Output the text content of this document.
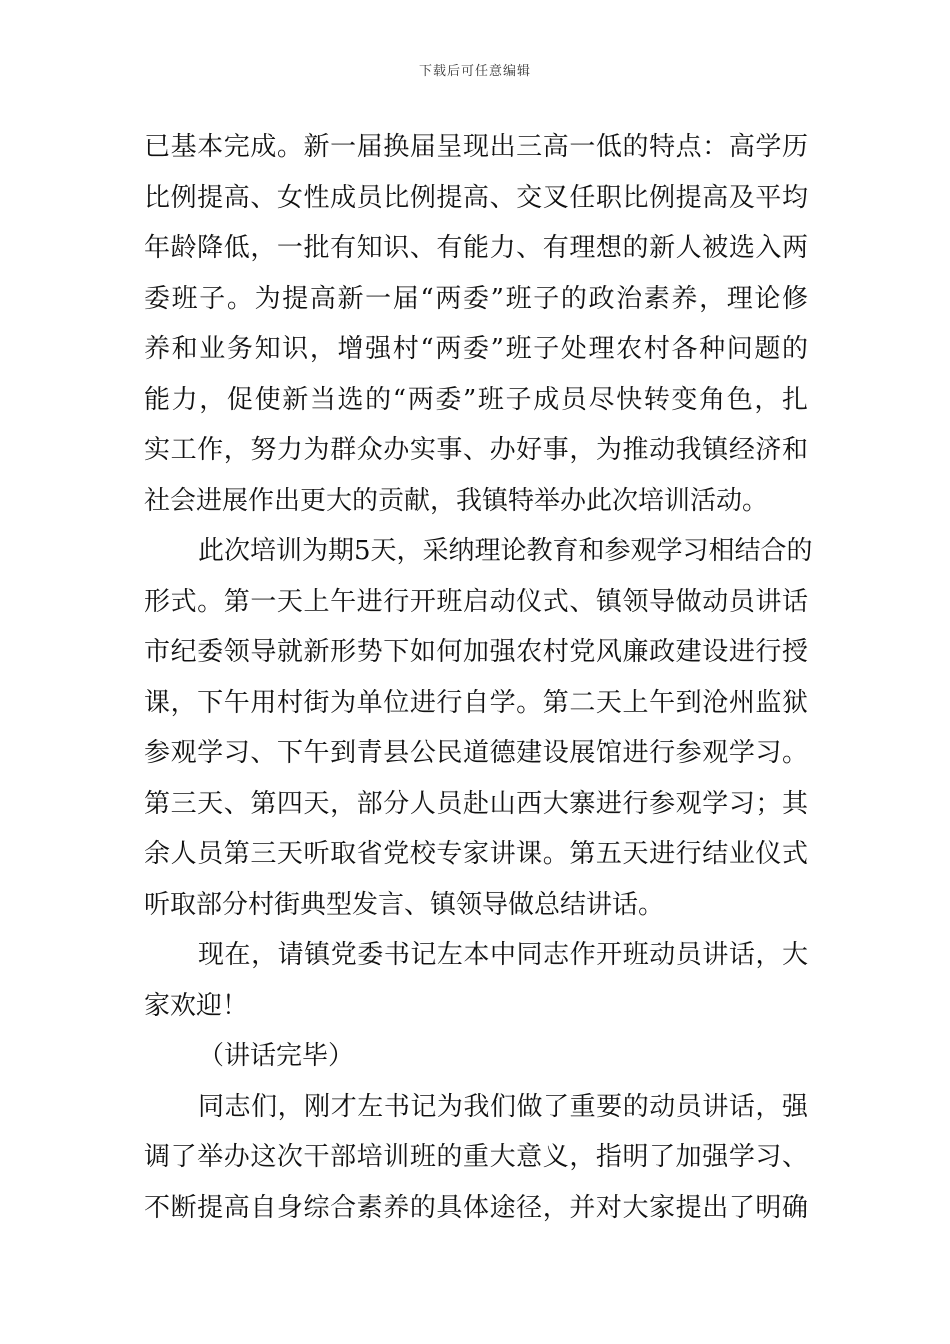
下载后可任意编辑
已基本完成。新一届换届呈现出三高一低的特点：高学历
比例提高、女性成员比例提高、交叉任职比例提高及平均
年龄降低，一批有知识、有能力、有理想的新人被选入两
委班子。为提高新一届“两委”班子的政治素养，理论修
养和业务知识，增强村“两委”班子处理农村各种问题的
能力，促使新当选的“两委”班子成员尽快转变角色，扎
实工作，努力为群众办实事、办好事，为推动我镇经济和
社会进展作出更大的贡献，我镇特举办此次培训活动。
此次培训为期5天，采纳理论教育和参观学习相结合的
形式。第一天上午进行开班启动仪式、镇领导做动员讲话
市纪委领导就新形势下如何加强农村党风廉政建设进行授
课，下午用村街为单位进行自学。第二天上午到沧州监狱
参观学习、下午到青县公民道德建设展馆进行参观学习。
第三天、第四天，部分人员赴山西大寨进行参观学习；其
余人员第三天听取省党校专家讲课。第五天进行结业仪式
听取部分村街典型发言、镇领导做总结讲话。
现在，请镇党委书记左本中同志作开班动员讲话，大
家欢迎！
（讲话完毕）
同志们，刚才左书记为我们做了重要的动员讲话，强
调了举办这次干部培训班的重大意义，指明了加强学习、
不断提高自身综合素养的具体途径，并对大家提出了明确
